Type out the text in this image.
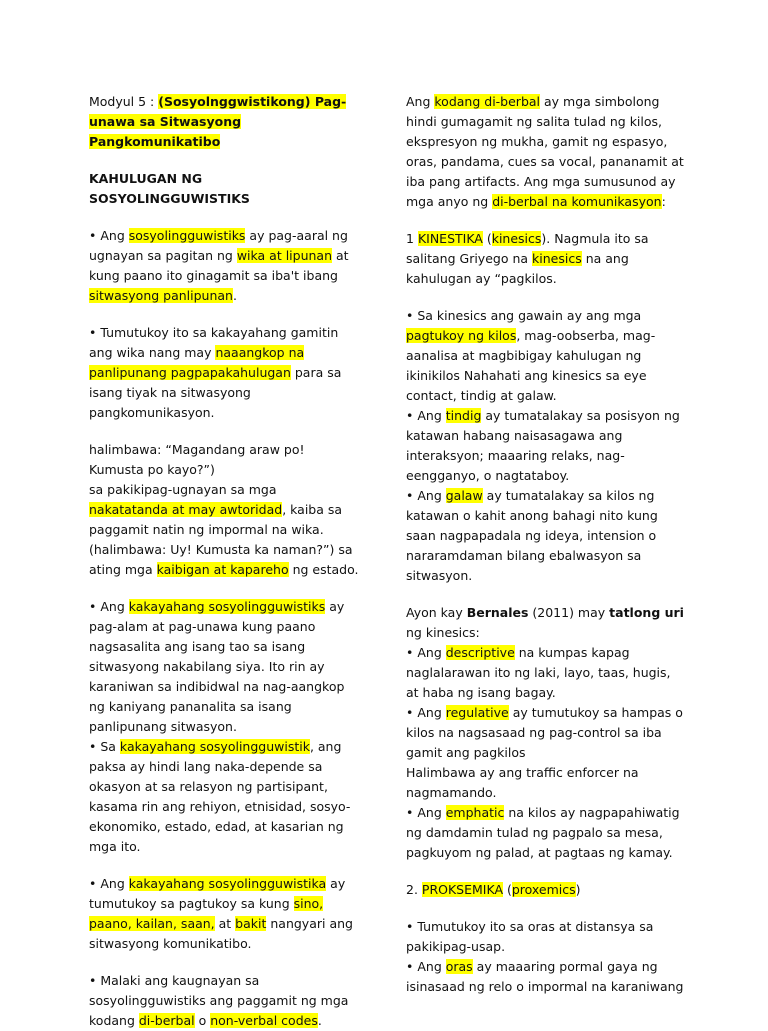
Modyul 5 : (Sosyolnggwistikong) Pag-unawa sa Sitwasyong Pangkomunikatibo

KAHULUGAN NG SOSYOLINGGUWISTIKS

• Ang sosyolingguwistiks ay pag-aaral ng ugnayan sa pagitan ng wika at lipunan at kung paano ito ginagamit sa iba't ibang sitwasyong panlipunan.

• Tumutukoy ito sa kakayahang gamitin ang wika nang may naaangkop na panlipunang pagpapakahulugan para sa isang tiyak na sitwasyong pangkomunikasyon.

halimbawa: “Magandang araw po! Kumusta po kayo?”)
sa pakikipag-ugnayan sa mga nakatatanda at may awtoridad, kaiba sa paggamit natin ng impormal na wika.
(halimbawa: Uy! Kumusta ka naman?”) sa ating mga kaibigan at kapareho ng estado.

• Ang kakayahang sosyolingguwistiks ay pag-alam at pag-unawa kung paano nagsasalita ang isang tao sa isang sitwasyong nakabilang siya. Ito rin ay karaniwan sa indibidwal na nag-aangkop ng kaniyang pananalita sa isang panlipunang sitwasyon.
• Sa kakayahang sosyolingguwistik, ang paksa ay hindi lang naka-depende sa okasyon at sa relasyon ng partisipant, kasama rin ang rehiyon, etnisidad, sosyo-ekonomiko, estado, edad, at kasarian ng mga ito.

• Ang kakayahang sosyolingguwistika ay tumutukoy sa pagtukoy sa kung sino, paano, kailan, saan, at bakit nangyari ang sitwasyong komunikatibo.

• Malaki ang kaugnayan sa sosyolingguwistiks ang paggamit ng mga kodang di-berbal o non-verbal codes.

Ang kodang di-berbal ay mga simbolong hindi gumagamit ng salita tulad ng kilos, ekspresyon ng mukha, gamit ng espasyo, oras, pandama, cues sa vocal, pananamit at iba pang artifacts. Ang mga sumusunod ay mga anyo ng di-berbal na komunikasyon:

1 KINESTIKA (kinesics). Nagmula ito sa salitang Griyego na kinesics na ang kahulugan ay “pagkilos.

• Sa kinesics ang gawain ay ang mga pagtukoy ng kilos, mag-oobserba, mag-aanalisa at magbibigay kahulugan ng ikinikilos Nahahati ang kinesics sa eye contact, tindig at galaw.
• Ang tindig ay tumatalakay sa posisyon ng katawan habang naisasagawa ang interaksyon; maaaring relaks, nag-eengganyo, o nagtataboy.
• Ang galaw ay tumatalakay sa kilos ng katawan o kahit anong bahagi nito kung saan nagpapadala ng ideya, intension o nararamdaman bilang ebalwasyon sa sitwasyon.

Ayon kay Bernales (2011) may tatlong uri ng kinesics:
• Ang descriptive na kumpas kapag naglalarawan ito ng laki, layo, taas, hugis, at haba ng isang bagay.
• Ang regulative ay tumutukoy sa hampas o kilos na nagsasaad ng pag-control sa iba gamit ang pagkilos
Halimbawa ay ang traffic enforcer na nagmamando.
• Ang emphatic na kilos ay nagpapahiwatig ng damdamin tulad ng pagpalo sa mesa, pagkuyom ng palad, at pagtaas ng kamay.

2. PROKSEMIKA (proxemics)

• Tumutukoy ito sa oras at distansya sa pakikipag-usap.
• Ang oras ay maaaring pormal gaya ng isinasaad ng relo o impormal na karaniwang
